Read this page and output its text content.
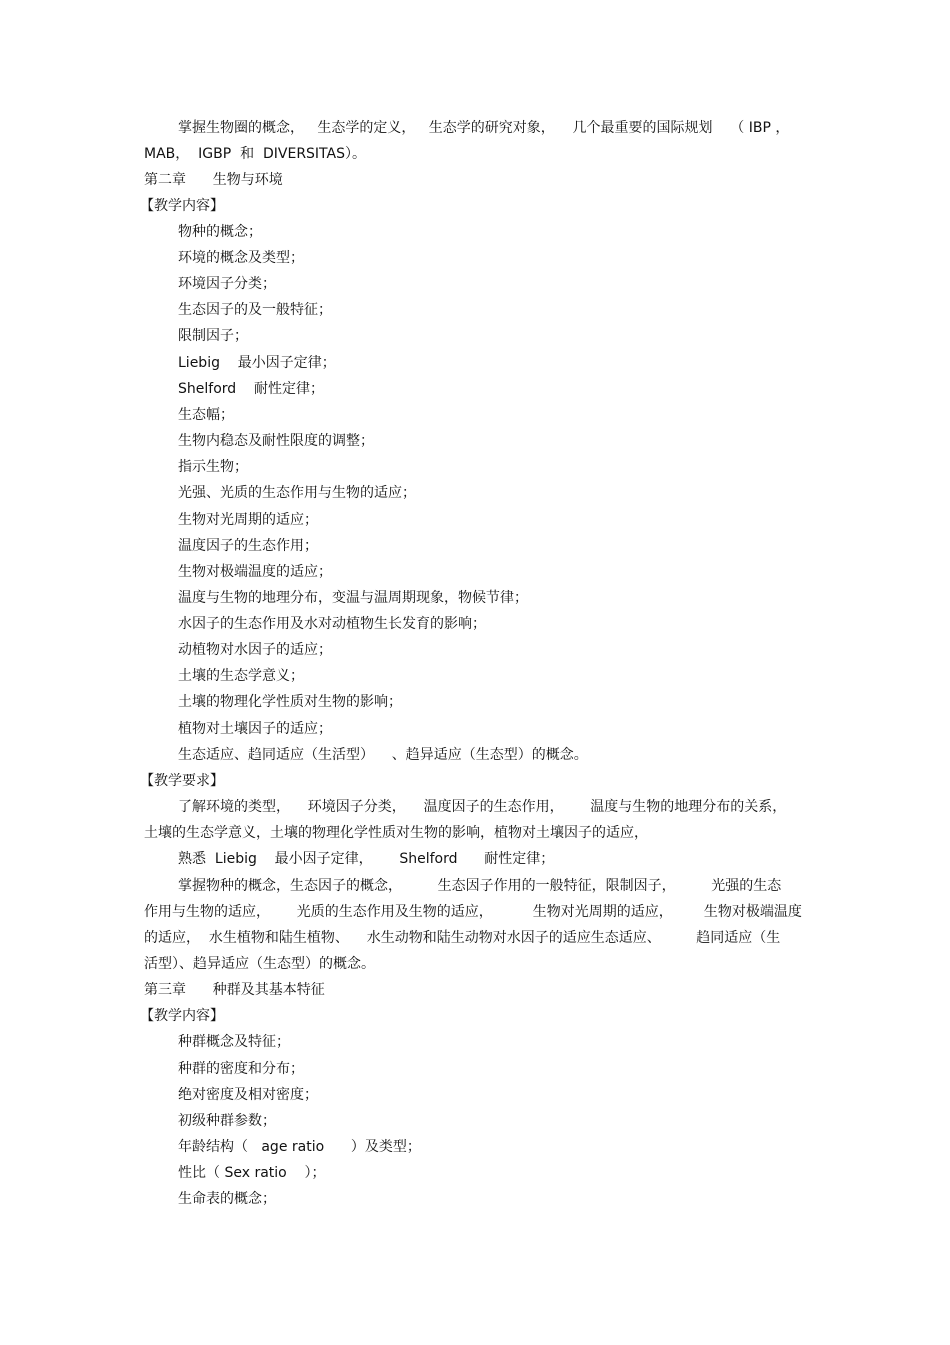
掌握生物圈的概念，   生态学的定义，   生态学的研究对象，    几个最重要的国际规划    （ IBP ，
MAB，  IGBP  和  DIVERSITAS）。
第二章      生物与环境
【教学内容】
物种的概念；
环境的概念及类型；
环境因子分类；
生态因子的及一般特征；
限制因子；
Liebig    最小因子定律；
Shelford    耐性定律；
生态幅；
生物内稳态及耐性限度的调整；
指示生物；
光强、光质的生态作用与生物的适应；
生物对光周期的适应；
温度因子的生态作用；
生物对极端温度的适应；
温度与生物的地理分布，变温与温周期现象，物候节律；
水因子的生态作用及水对动植物生长发育的影响；
动植物对水因子的适应；
土壤的生态学意义；
土壤的物理化学性质对生物的影响；
植物对土壤因子的适应；
生态适应、趋同适应（生活型）    、趋异适应（生态型）的概念。
【教学要求】
了解环境的类型，    环境因子分类，    温度因子的生态作用，      温度与生物的地理分布的关系，
土壤的生态学意义，土壤的物理化学性质对生物的影响，植物对土壤因子的适应，
熟悉  Liebig    最小因子定律，      Shelford      耐性定律；
掌握物种的概念，生态因子的概念，        生态因子作用的一般特征，限制因子，        光强的生态
作用与生物的适应，      光质的生态作用及生物的适应，         生物对光周期的适应，       生物对极端温度
的适应，  水生植物和陆生植物、    水生动物和陆生动物对水因子的适应生态适应、        趋同适应（生
活型）、趋异适应（生态型）的概念。
第三章      种群及其基本特征
【教学内容】
种群概念及特征；
种群的密度和分布；
绝对密度及相对密度；
初级种群参数；
年龄结构（   age ratio      ）及类型；
性比（ Sex ratio    ）；
生命表的概念；
